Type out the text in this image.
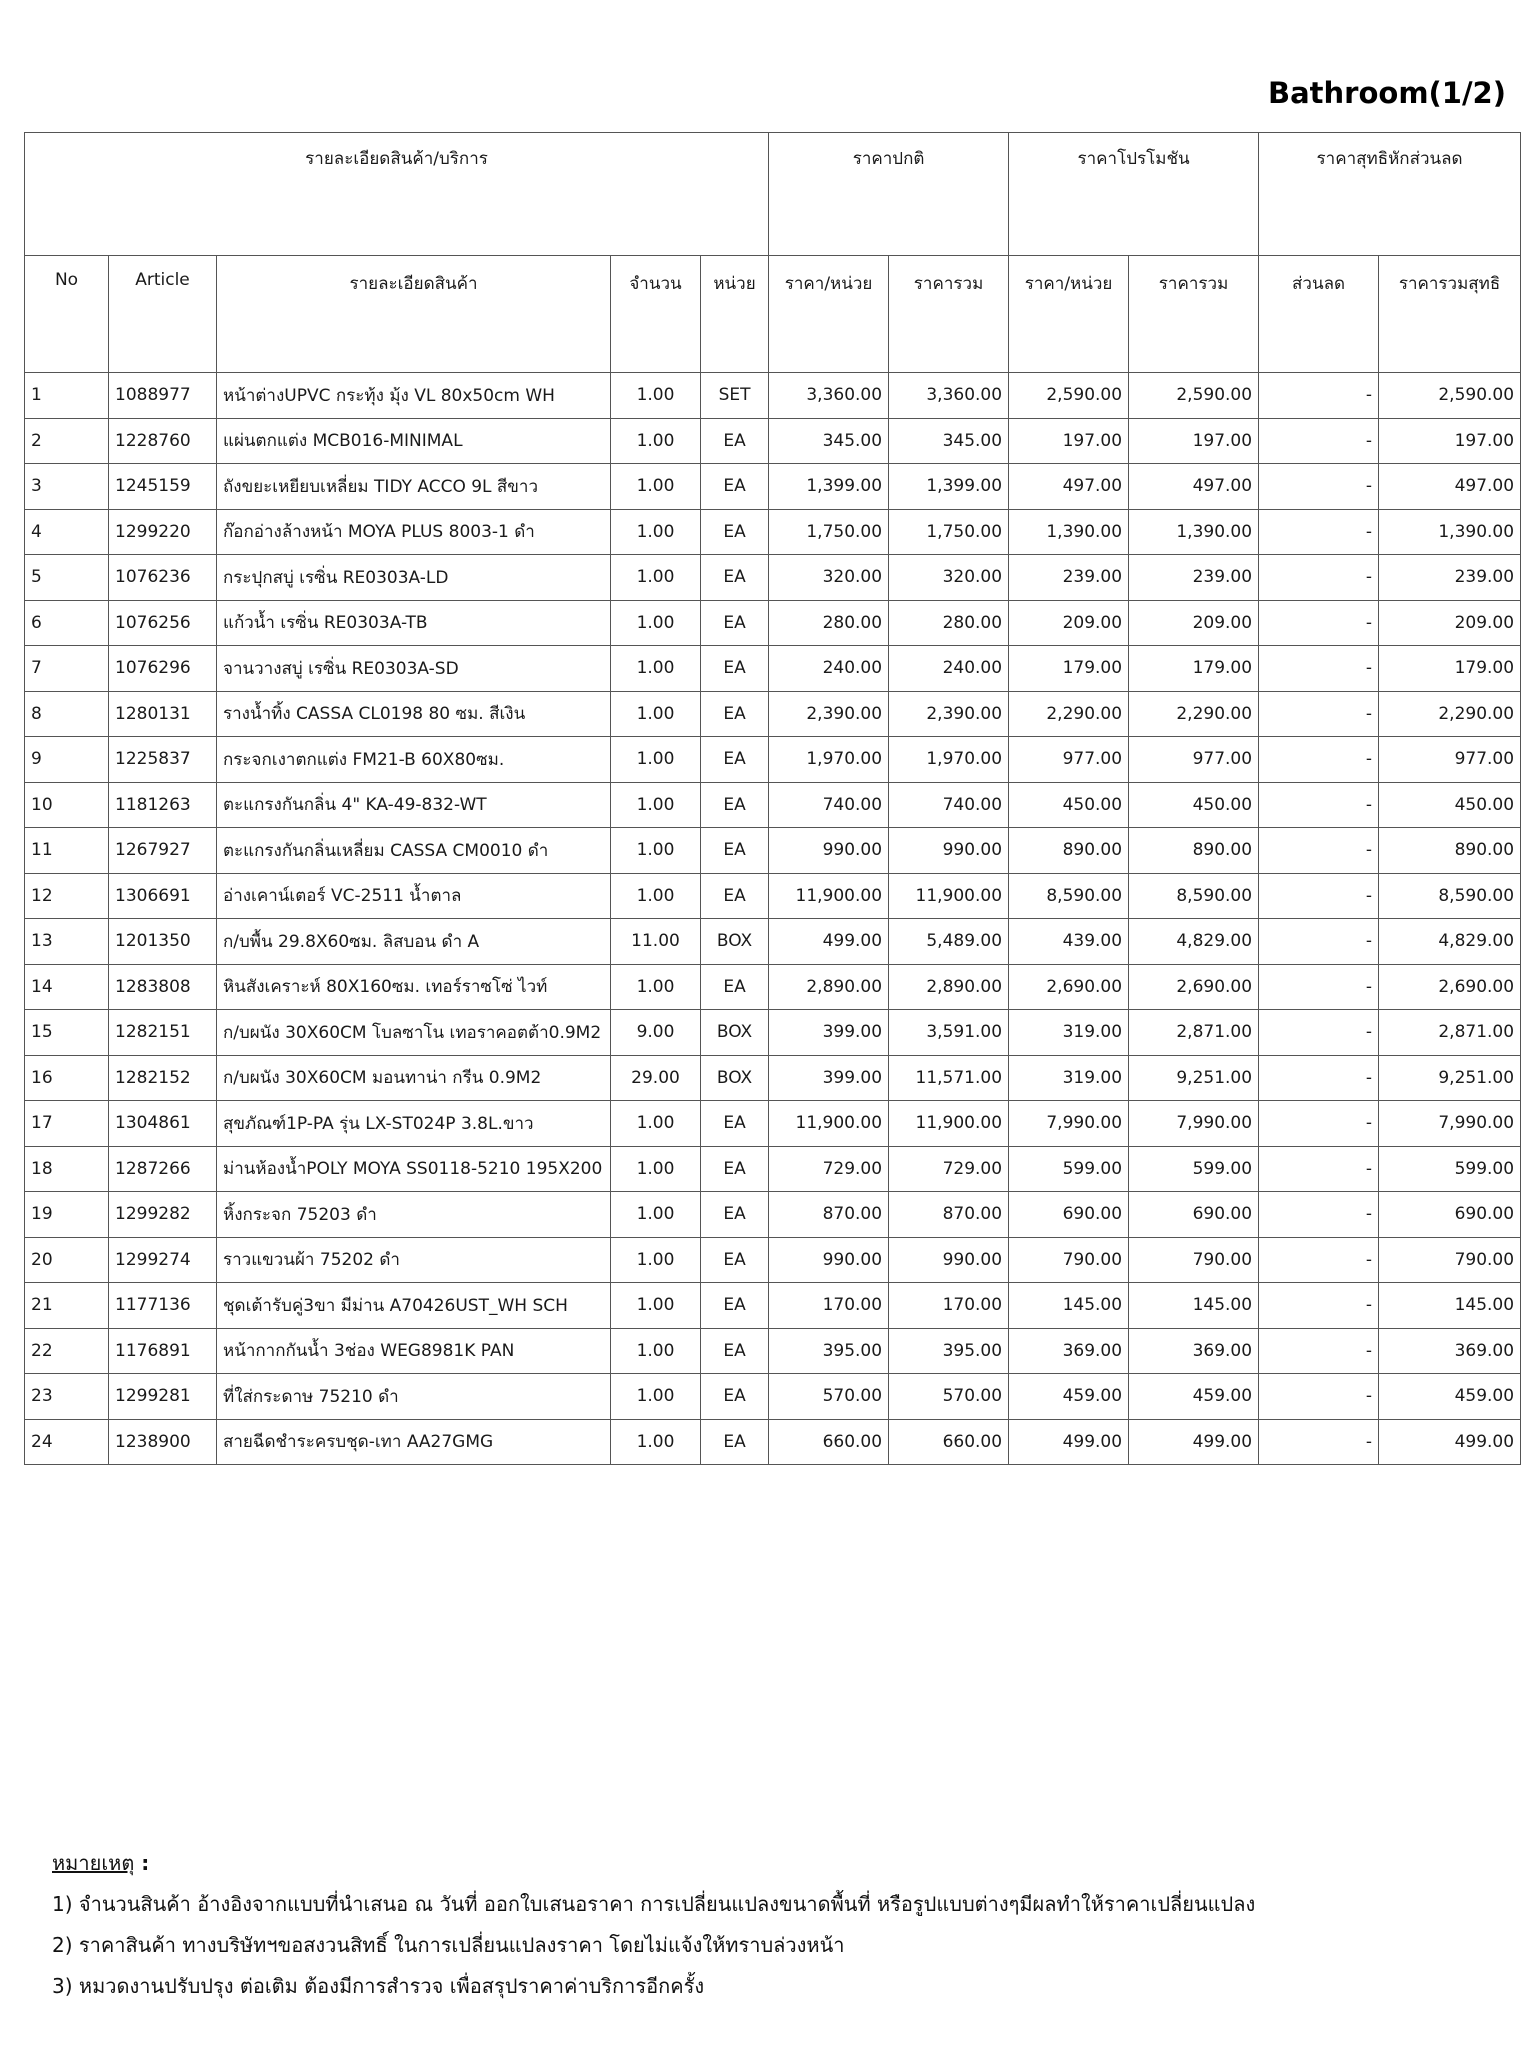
Bathroom(1/2)
รายละเอียดสินค้า/บริการ					ราคาปกติ		ราคาโปรโมชัน		ราคาสุทธิหักส่วนลด	
No	Article	รายละเอียดสินค้า	จำนวน	หน่วย	ราคา/หน่วย	ราคารวม	ราคา/หน่วย	ราคารวม	ส่วนลด	ราคารวมสุทธิ
1	1088977	หน้าต่างUPVC กระทุ้ง มุ้ง VL 80x50cm WH	1.00	SET	3,360.00	3,360.00	2,590.00	2,590.00	-	2,590.00
2	1228760	แผ่นตกแต่ง MCB016-MINIMAL	1.00	EA	345.00	345.00	197.00	197.00	-	197.00
3	1245159	ถังขยะเหยียบเหลี่ยม TIDY ACCO 9L สีขาว	1.00	EA	1,399.00	1,399.00	497.00	497.00	-	497.00
4	1299220	ก๊อกอ่างล้างหน้า MOYA PLUS 8003-1 ดำ	1.00	EA	1,750.00	1,750.00	1,390.00	1,390.00	-	1,390.00
5	1076236	กระปุกสบู่ เรซิ่น RE0303A-LD	1.00	EA	320.00	320.00	239.00	239.00	-	239.00
6	1076256	แก้วน้ำ เรซิ่น RE0303A-TB	1.00	EA	280.00	280.00	209.00	209.00	-	209.00
7	1076296	จานวางสบู่ เรซิ่น RE0303A-SD	1.00	EA	240.00	240.00	179.00	179.00	-	179.00
8	1280131	รางน้ำทิ้ง CASSA CL0198 80 ซม. สีเงิน	1.00	EA	2,390.00	2,390.00	2,290.00	2,290.00	-	2,290.00
9	1225837	กระจกเงาตกแต่ง FM21-B 60X80ซม.	1.00	EA	1,970.00	1,970.00	977.00	977.00	-	977.00
10	1181263	ตะแกรงกันกลิ่น 4" KA-49-832-WT	1.00	EA	740.00	740.00	450.00	450.00	-	450.00
11	1267927	ตะแกรงกันกลิ่นเหลี่ยม CASSA CM0010 ดำ	1.00	EA	990.00	990.00	890.00	890.00	-	890.00
12	1306691	อ่างเคาน์เตอร์ VC-2511 น้ำตาล	1.00	EA	11,900.00	11,900.00	8,590.00	8,590.00	-	8,590.00
13	1201350	ก/บพื้น 29.8X60ซม. ลิสบอน ดำ A	11.00	BOX	499.00	5,489.00	439.00	4,829.00	-	4,829.00
14	1283808	หินสังเคราะห์ 80X160ซม. เทอร์ราซโซ่ ไวท์	1.00	EA	2,890.00	2,890.00	2,690.00	2,690.00	-	2,690.00
15	1282151	ก/บผนัง 30X60CM โบลซาโน เทอราคอตต้า0.9M2	9.00	BOX	399.00	3,591.00	319.00	2,871.00	-	2,871.00
16	1282152	ก/บผนัง 30X60CM มอนทาน่า กรีน 0.9M2	29.00	BOX	399.00	11,571.00	319.00	9,251.00	-	9,251.00
17	1304861	สุขภัณฑ์1P-PA รุ่น LX-ST024P 3.8L.ขาว	1.00	EA	11,900.00	11,900.00	7,990.00	7,990.00	-	7,990.00
18	1287266	ม่านห้องน้ำPOLY MOYA SS0118-5210 195X200	1.00	EA	729.00	729.00	599.00	599.00	-	599.00
19	1299282	หิ้งกระจก 75203 ดำ	1.00	EA	870.00	870.00	690.00	690.00	-	690.00
20	1299274	ราวแขวนผ้า 75202 ดำ	1.00	EA	990.00	990.00	790.00	790.00	-	790.00
21	1177136	ชุดเต้ารับคู่3ขา มีม่าน A70426UST_WH SCH	1.00	EA	170.00	170.00	145.00	145.00	-	145.00
22	1176891	หน้ากากกันน้ำ 3ช่อง WEG8981K PAN	1.00	EA	395.00	395.00	369.00	369.00	-	369.00
23	1299281	ที่ใส่กระดาษ 75210 ดำ	1.00	EA	570.00	570.00	459.00	459.00	-	459.00
24	1238900	สายฉีดชำระครบชุด-เทา AA27GMG	1.00	EA	660.00	660.00	499.00	499.00	-	499.00
หมายเหตุ :
1) จำนวนสินค้า อ้างอิงจากแบบที่นำเสนอ ณ วันที่ ออกใบเสนอราคา การเปลี่ยนแปลงขนาดพื้นที่ หรือรูปแบบต่างๆมีผลทำให้ราคาเปลี่ยนแปลง
2) ราคาสินค้า ทางบริษัทฯขอสงวนสิทธิ์ ในการเปลี่ยนแปลงราคา โดยไม่แจ้งให้ทราบล่วงหน้า
3) หมวดงานปรับปรุง ต่อเติม ต้องมีการสำรวจ เพื่อสรุปราคาค่าบริการอีกครั้ง
